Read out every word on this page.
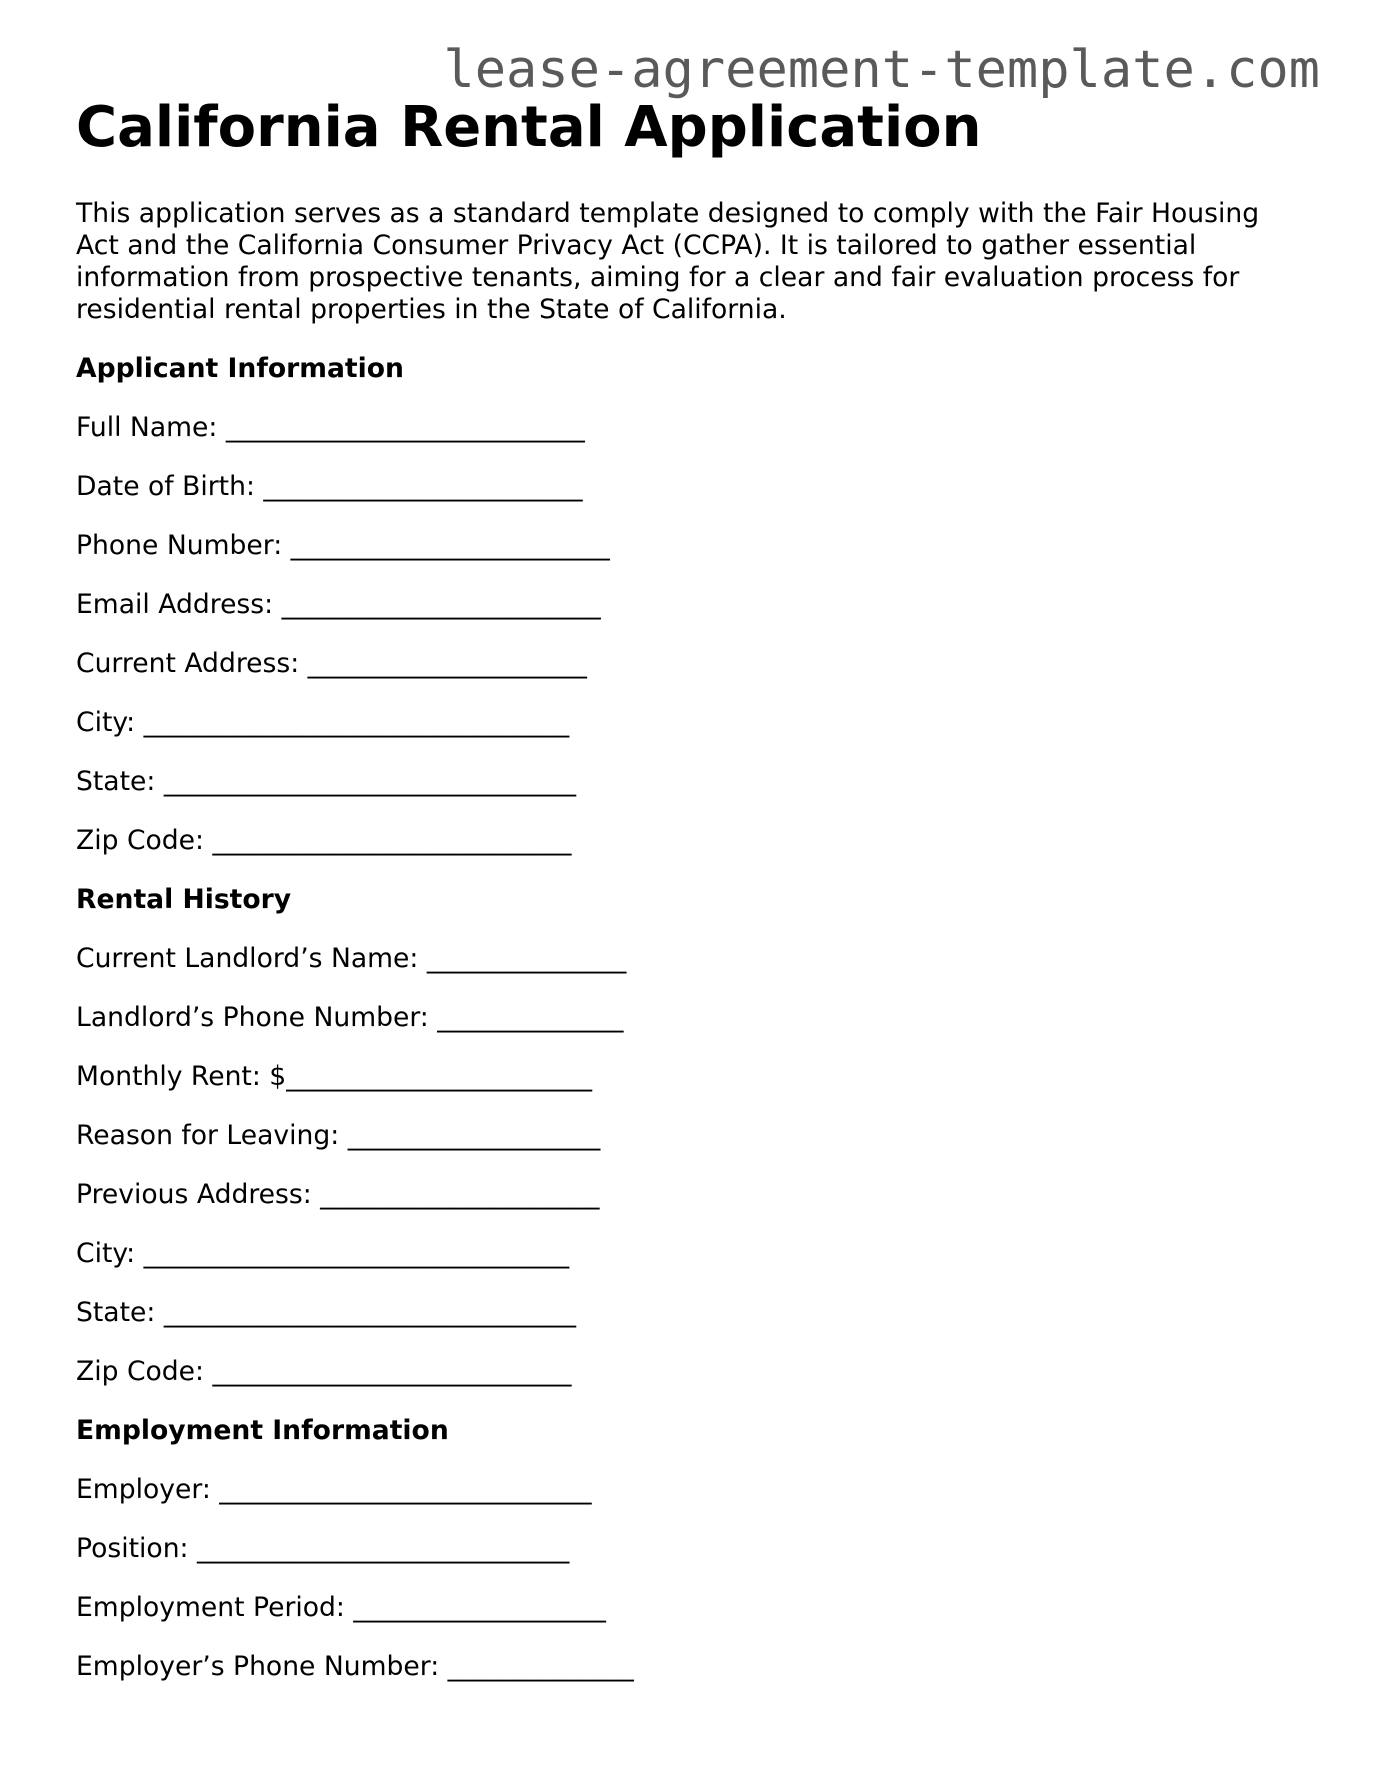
lease-agreement-template.com
California Rental Application

This application serves as a standard template designed to comply with the Fair Housing Act and the California Consumer Privacy Act (CCPA). It is tailored to gather essential information from prospective tenants, aiming for a clear and fair evaluation process for residential rental properties in the State of California.

Applicant Information
Full Name: ___________________________
Date of Birth: ________________________
Phone Number: ________________________
Email Address: ________________________
Current Address: _____________________
City: ________________________________
State: _______________________________
Zip Code: ___________________________
Rental History
Current Landlord’s Name: _______________
Landlord’s Phone Number: ______________
Monthly Rent: $_______________________
Reason for Leaving: ___________________
Previous Address: _____________________
City: ________________________________
State: _______________________________
Zip Code: ___________________________
Employment Information
Employer: ____________________________
Position: ____________________________
Employment Period: ___________________
Employer’s Phone Number: ______________
